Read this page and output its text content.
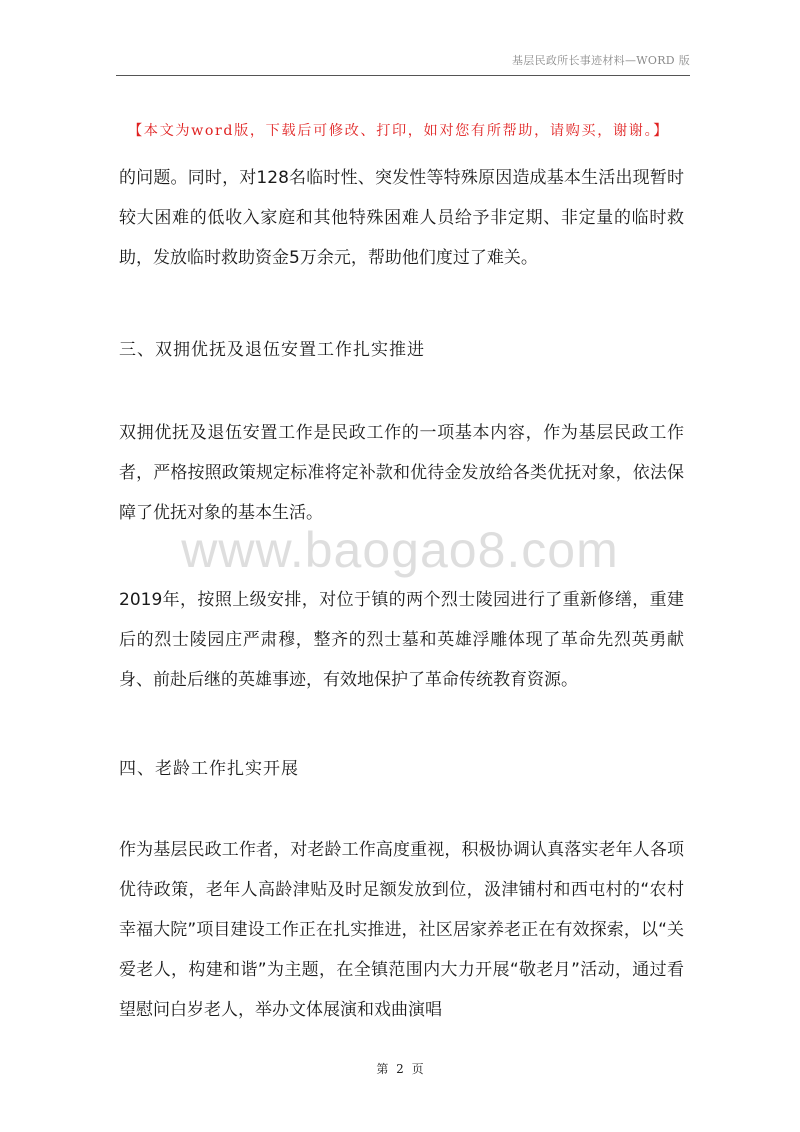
基层民政所长事迹材料—WORD 版
【本文为word版，下载后可修改、打印，如对您有所帮助，请购买，谢谢。】
www.baogao8.com

的问题。同时，对128名临时性、突发性等特殊原因造成基本生活出现暂时较大困难的低收入家庭和其他特殊困难人员给予非定期、非定量的临时救助，发放临时救助资金5万余元，帮助他们度过了难关。

三、双拥优抚及退伍安置工作扎实推进

双拥优抚及退伍安置工作是民政工作的一项基本内容，作为基层民政工作者，严格按照政策规定标准将定补款和优待金发放给各类优抚对象，依法保障了优抚对象的基本生活。

2019年，按照上级安排，对位于镇的两个烈士陵园进行了重新修缮，重建后的烈士陵园庄严肃穆，整齐的烈士墓和英雄浮雕体现了革命先烈英勇献身、前赴后继的英雄事迹，有效地保护了革命传统教育资源。

四、老龄工作扎实开展

作为基层民政工作者，对老龄工作高度重视，积极协调认真落实老年人各项优待政策，老年人高龄津贴及时足额发放到位，汲津铺村和西屯村的“农村幸福大院”项目建设工作正在扎实推进，社区居家养老正在有效探索，以“关爱老人，构建和谐”为主题，在全镇范围内大力开展“敬老月”活动，通过看望慰问白岁老人，举办文体展演和戏曲演唱

第 2 页
